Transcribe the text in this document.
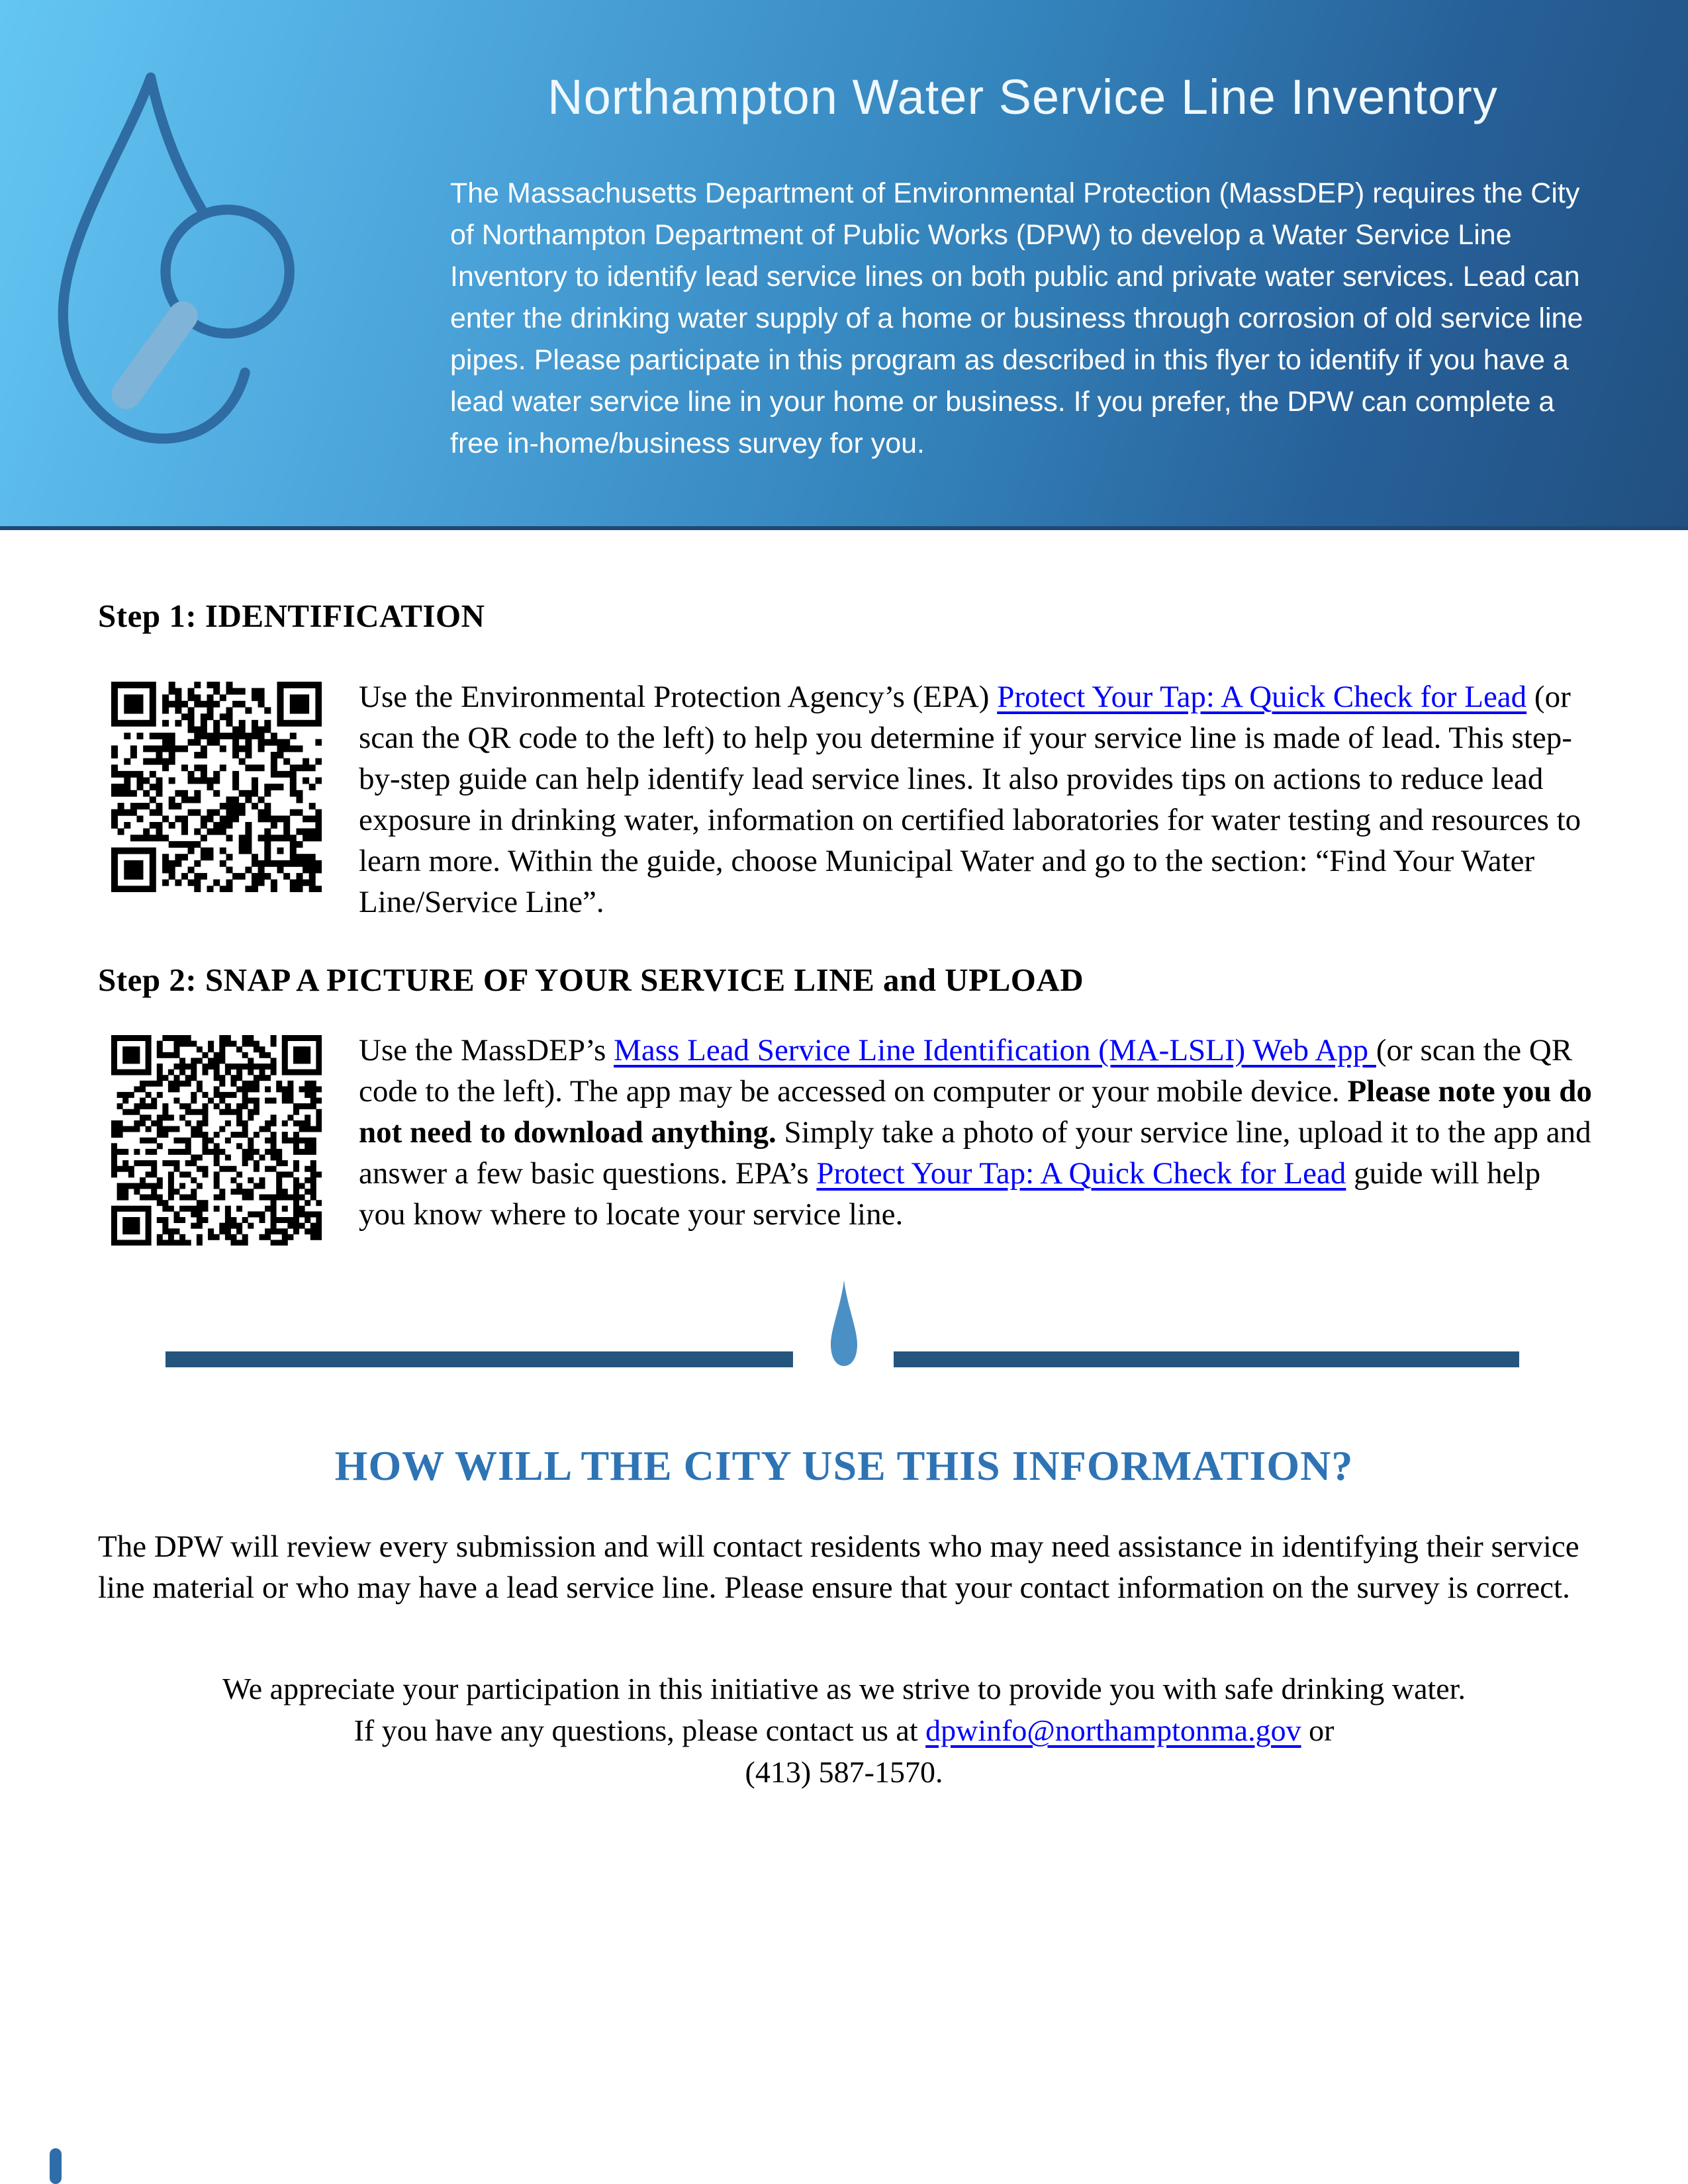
Northampton Water Service Line Inventory
The Massachusetts Department of Environmental Protection (MassDEP) requires the City of Northampton Department of Public Works (DPW) to develop a Water Service Line Inventory to identify lead service lines on both public and private water services. Lead can enter the drinking water supply of a home or business through corrosion of old service line pipes. Please participate in this program as described in this flyer to identify if you have a lead water service line in your home or business. If you prefer, the DPW can complete a free in-home/business survey for you.
Step 1: IDENTIFICATION
Use the Environmental Protection Agency’s (EPA) Protect Your Tap: A Quick Check for Lead (or scan the QR code to the left) to help you determine if your service line is made of lead. This step-by-step guide can help identify lead service lines. It also provides tips on actions to reduce lead exposure in drinking water, information on certified laboratories for water testing and resources to learn more. Within the guide, choose Municipal Water and go to the section: “Find Your Water Line/Service Line”.
Step 2: SNAP A PICTURE OF YOUR SERVICE LINE and UPLOAD
Use the MassDEP’s Mass Lead Service Line Identification (MA-LSLI) Web App (or scan the QR code to the left). The app may be accessed on computer or your mobile device. Please note you do not need to download anything. Simply take a photo of your service line, upload it to the app and answer a few basic questions. EPA’s Protect Your Tap: A Quick Check for Lead guide will help you know where to locate your service line.
HOW WILL THE CITY USE THIS INFORMATION?
The DPW will review every submission and will contact residents who may need assistance in identifying their service line material or who may have a lead service line. Please ensure that your contact information on the survey is correct.
We appreciate your participation in this initiative as we strive to provide you with safe drinking water.
If you have any questions, please contact us at dpwinfo@northamptonma.gov or
(413) 587-1570.
